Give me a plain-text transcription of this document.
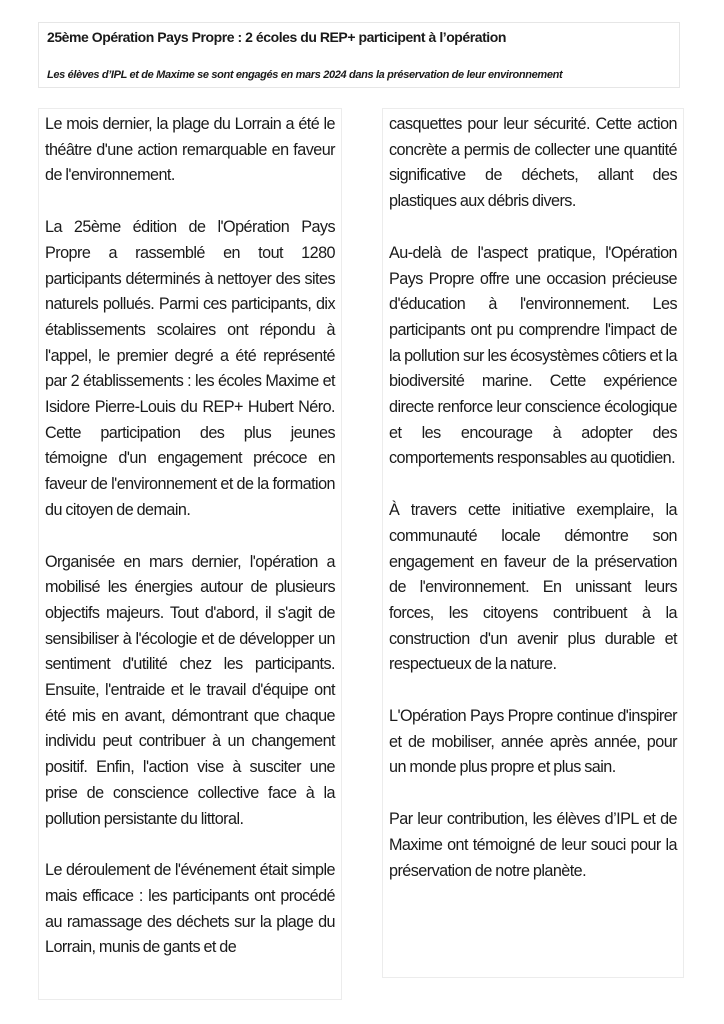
25ème Opération Pays Propre : 2 écoles du REP+ participent à l’opération
Les élèves d’IPL et de Maxime se sont engagés en mars 2024 dans la préservation de leur environnement

Le mois dernier, la plage du Lorrain a été le théâtre d'une action remarquable en faveur de l'environnement.

La 25ème édition de l'Opération Pays Propre a rassemblé en tout 1280 participants déterminés à nettoyer des sites naturels pollués. Parmi ces participants, dix établissements scolaires ont répondu à l'appel, le premier degré a été représenté par 2 établissements : les écoles Maxime et Isidore Pierre-Louis du REP+ Hubert Néro. Cette participation des plus jeunes témoigne d'un engagement précoce en faveur de l'environnement et de la formation du citoyen de demain.

Organisée en mars dernier, l'opération a mobilisé les énergies autour de plusieurs objectifs majeurs. Tout d'abord, il s'agit de sensibiliser à l'écologie et de développer un sentiment d'utilité chez les participants. Ensuite, l'entraide et le travail d'équipe ont été mis en avant, démontrant que chaque individu peut contribuer à un changement positif. Enfin, l'action vise à susciter une prise de conscience collective face à la pollution persistante du littoral.

Le déroulement de l'événement était simple mais efficace : les participants ont procédé au ramassage des déchets sur la plage du Lorrain, munis de gants et de

casquettes pour leur sécurité. Cette action concrète a permis de collecter une quantité significative de déchets, allant des plastiques aux débris divers.

Au-delà de l'aspect pratique, l'Opération Pays Propre offre une occasion précieuse d'éducation à l'environnement. Les participants ont pu comprendre l'impact de la pollution sur les écosystèmes côtiers et la biodiversité marine. Cette expérience directe renforce leur conscience écologique et les encourage à adopter des comportements responsables au quotidien.

À travers cette initiative exemplaire, la communauté locale démontre son engagement en faveur de la préservation de l'environnement. En unissant leurs forces, les citoyens contribuent à la construction d'un avenir plus durable et respectueux de la nature.

L'Opération Pays Propre continue d'inspirer et de mobiliser, année après année, pour un monde plus propre et plus sain.

Par leur contribution, les élèves d’IPL et de Maxime ont témoigné de leur souci pour la préservation de notre planète.
